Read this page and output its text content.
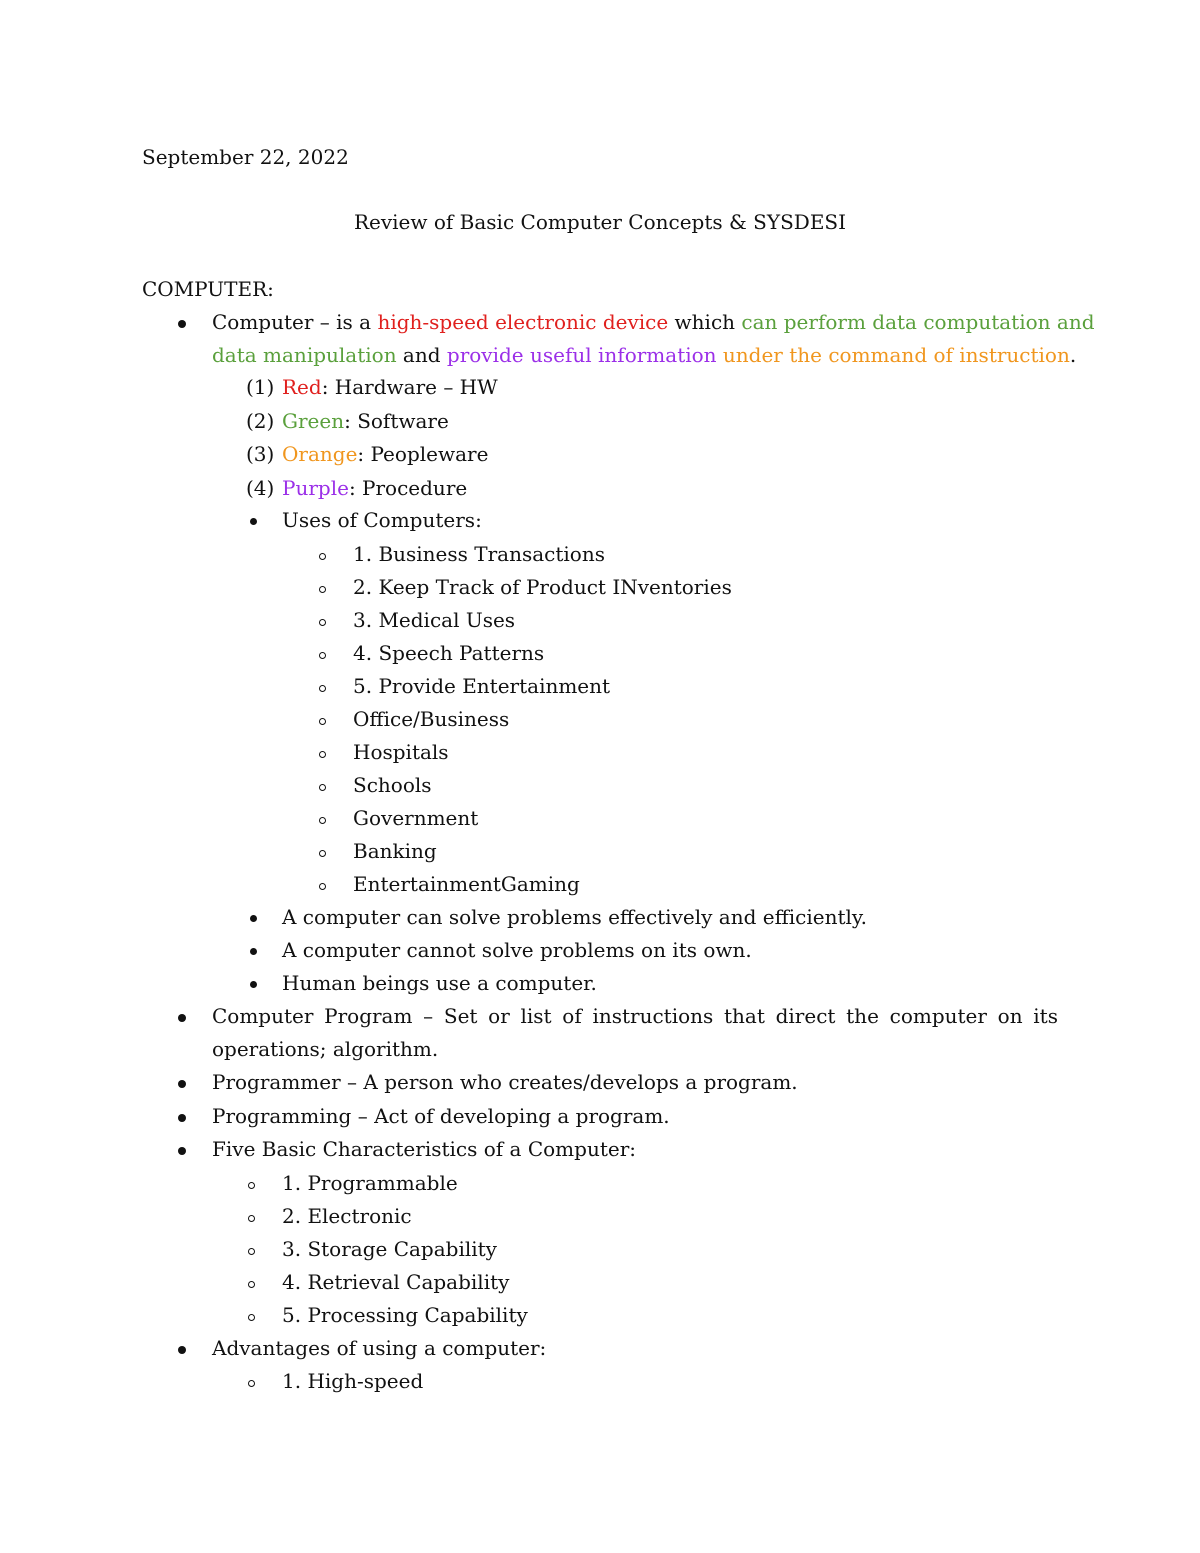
September 22, 2022
Review of Basic Computer Concepts & SYSDESI
COMPUTER:
Computer – is a high-speed electronic device which can perform data computation and
data manipulation and provide useful information under the command of instruction.
(1) Red: Hardware – HW
(2) Green: Software
(3) Orange: Peopleware
(4) Purple: Procedure
Uses of Computers:
1. Business Transactions
2. Keep Track of Product INventories
3. Medical Uses
4. Speech Patterns
5. Provide Entertainment
Office/Business
Hospitals
Schools
Government
Banking
EntertainmentGaming
A computer can solve problems effectively and efficiently.
A computer cannot solve problems on its own.
Human beings use a computer.
Computer Program – Set or list of instructions that direct the computer on its
operations; algorithm.
Programmer – A person who creates/develops a program.
Programming – Act of developing a program.
Five Basic Characteristics of a Computer:
1. Programmable
2. Electronic
3. Storage Capability
4. Retrieval Capability
5. Processing Capability
Advantages of using a computer:
1. High-speed
